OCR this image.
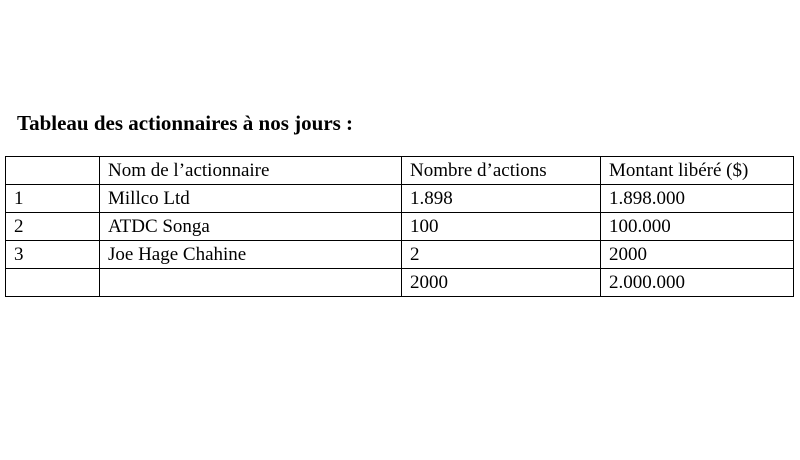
Tableau des actionnaires à nos jours :
	Nom de l’actionnaire	Nombre d’actions	Montant libéré ($)
1	Millco Ltd	1.898	1.898.000
2	ATDC Songa	100	100.000
3	Joe Hage Chahine	2	2000
		2000	2.000.000
